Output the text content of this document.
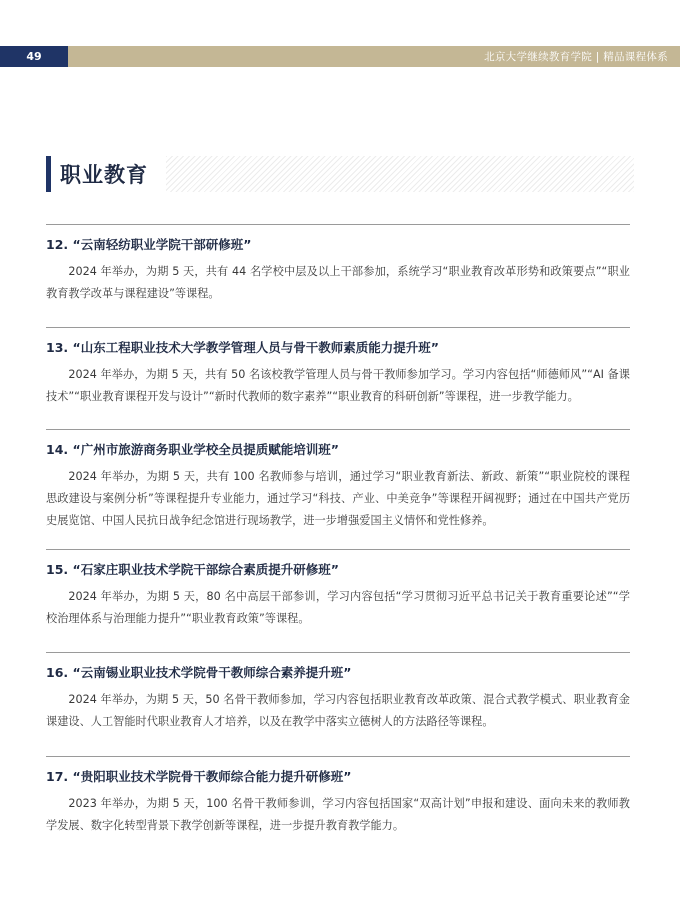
49	北京大学继续教育学院 | 精品课程体系
职业教育
12. “云南轻纺职业学院干部研修班”

2024 年举办，为期 5 天，共有 44 名学校中层及以上干部参加，系统学习“职业教育改革形势和政策要点”“职业教育教学改革与课程建设”等课程。

13. “山东工程职业技术大学教学管理人员与骨干教师素质能力提升班”

2024 年举办，为期 5 天，共有 50 名该校教学管理人员与骨干教师参加学习。学习内容包括“师德师风”“AI 备课技术”“职业教育课程开发与设计”“新时代教师的数字素养”“职业教育的科研创新”等课程，进一步教学能力。

14. “广州市旅游商务职业学校全员提质赋能培训班”

2024 年举办，为期 5 天，共有 100 名教师参与培训，通过学习“职业教育新法、新政、新策”“职业院校的课程思政建设与案例分析”等课程提升专业能力，通过学习“科技、产业、中美竞争”等课程开阔视野；通过在中国共产党历史展览馆、中国人民抗日战争纪念馆进行现场教学，进一步增强爱国主义情怀和党性修养。

15. “石家庄职业技术学院干部综合素质提升研修班”

2024 年举办，为期 5 天，80 名中高层干部参训，学习内容包括“学习贯彻习近平总书记关于教育重要论述”“学校治理体系与治理能力提升”“职业教育政策”等课程。

16. “云南锡业职业技术学院骨干教师综合素养提升班”

2024 年举办，为期 5 天，50 名骨干教师参加，学习内容包括职业教育改革政策、混合式教学模式、职业教育金课建设、人工智能时代职业教育人才培养，以及在教学中落实立德树人的方法路径等课程。

17. “贵阳职业技术学院骨干教师综合能力提升研修班”

2023 年举办，为期 5 天，100 名骨干教师参训，学习内容包括国家“双高计划”申报和建设、面向未来的教师教学发展、数字化转型背景下教学创新等课程，进一步提升教育教学能力。
